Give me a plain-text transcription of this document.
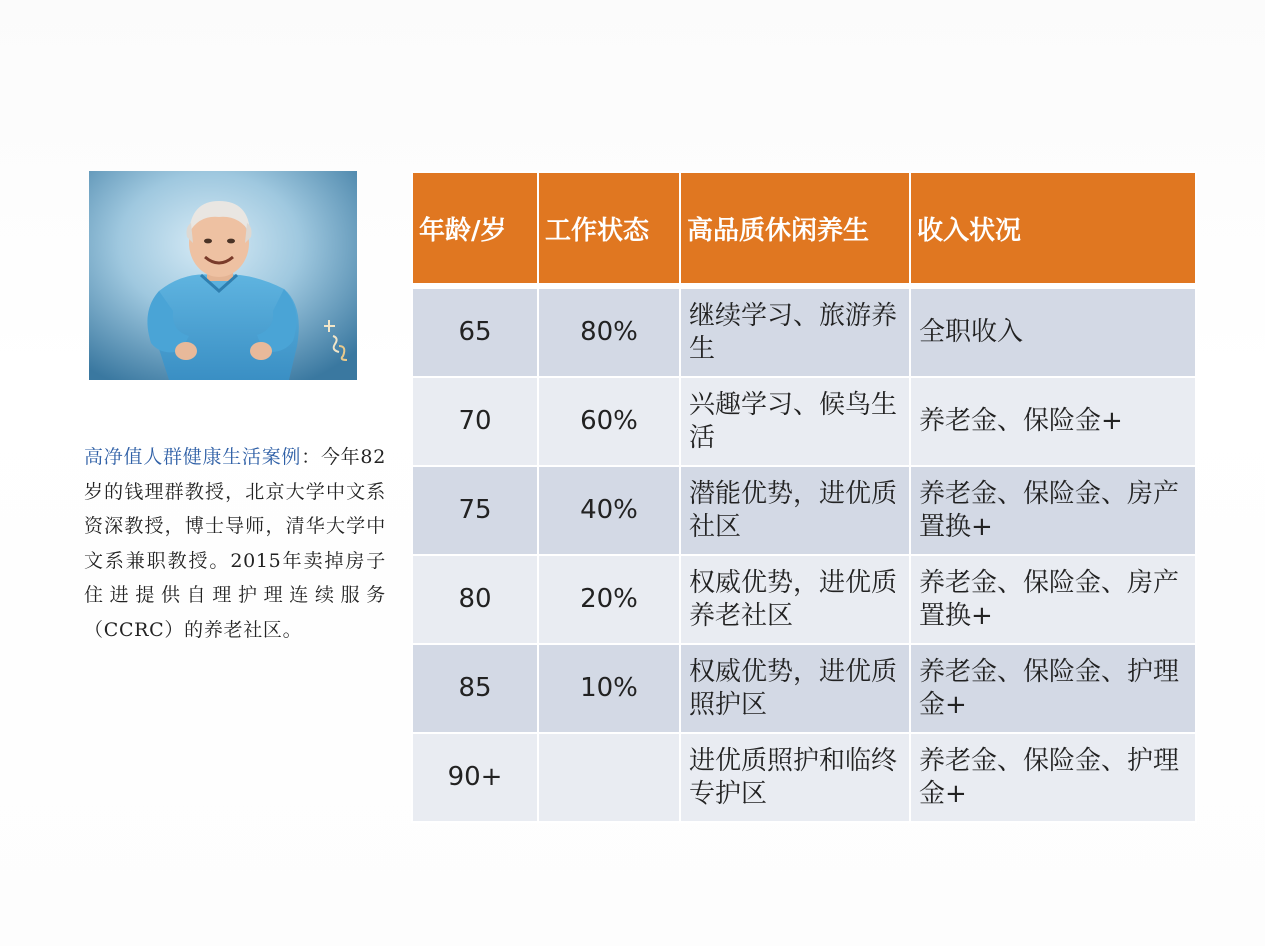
高净值人群健康生活案例：今年82岁的钱理群教授，北京大学中文系资深教授，博士导师，清华大学中文系兼职教授。2015年卖掉房子住进提供自理护理连续服务（CCRC）的养老社区。
年龄/岁	工作状态	高品质休闲养生	收入状况
65	80%	继续学习、旅游养生	全职收入
70	60%	兴趣学习、候鸟生活	养老金、保险金+
75	40%	潜能优势，进优质社区	养老金、保险金、房产置换+
80	20%	权威优势，进优质养老社区	养老金、保险金、房产置换+
85	10%	权威优势，进优质照护区	养老金、保险金、护理金+
90+		进优质照护和临终专护区	养老金、保险金、护理金+
